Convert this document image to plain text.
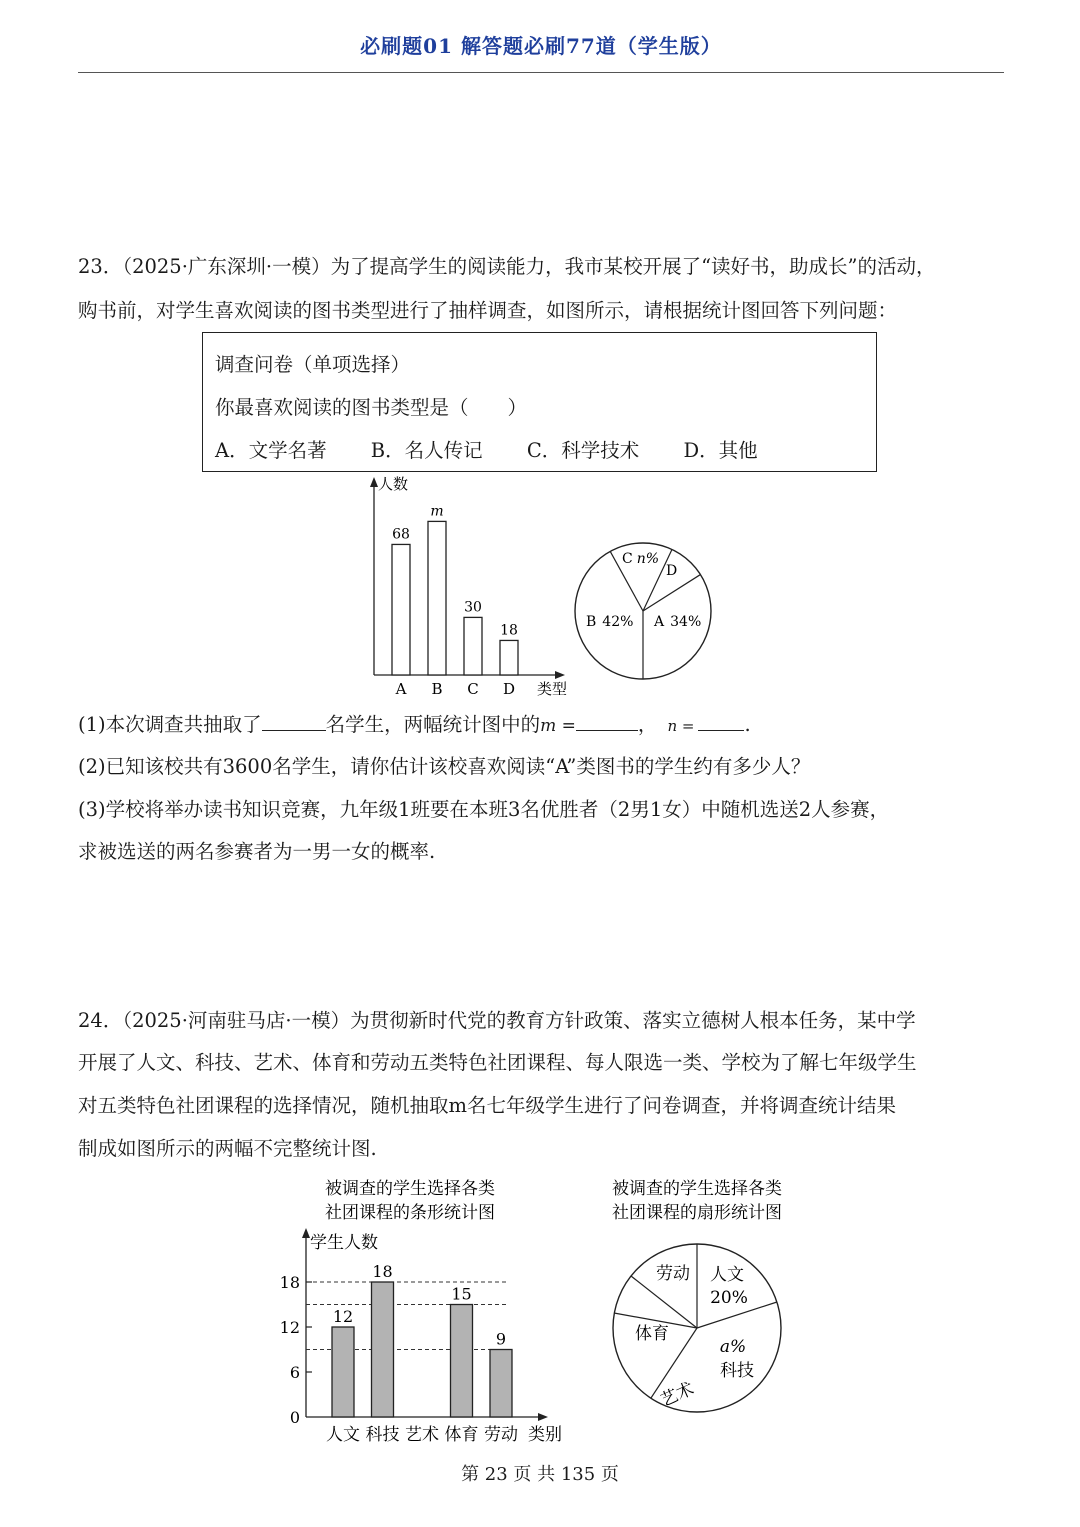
必刷题01 解答题必刷77道（学生版）
23．（2025·广东深圳·一模）为了提高学生的阅读能力，我市某校开展了“读好书，助成长”的活动，
购书前，对学生喜欢阅读的图书类型进行了抽样调查，如图所示，请根据统计图回答下列问题：
调查问卷（单项选择）
你最喜欢阅读的图书类型是（　　）
A．文学名著 B．名人传记 C．科学技术 D．其他
人数
类型
68
A
m
B
30
C
18
D
C n%
D
B 42% A 34%
(1)本次调查共抽取了	名学生，两幅统计图中的m =	， n =	.
(2)已知该校共有3600名学生，请你估计该校喜欢阅读“A”类图书的学生约有多少人？
(3)学校将举办读书知识竞赛，九年级1班要在本班3名优胜者（2男1女）中随机选送2人参赛，
求被选送的两名参赛者为一男一女的概率.
24．（2025·河南驻马店·一模）为贯彻新时代党的教育方针政策、落实立德树人根本任务，某中学
开展了人文、科技、艺术、体育和劳动五类特色社团课程、每人限选一类、学校为了解七年级学生
对五类特色社团课程的选择情况，随机抽取m名七年级学生进行了问卷调查，并将调查统计结果
制成如图所示的两幅不完整统计图.
被调查的学生选择各类
社团课程的条形统计图
学生人数
类别
0
6
12
18
12
人文
18
科技 艺术
15
体育
9
劳动
被调查的学生选择各类
社团课程的扇形统计图
人文
20%
a%
科技
艺术
体育
劳动
第 23 页 共 135 页
